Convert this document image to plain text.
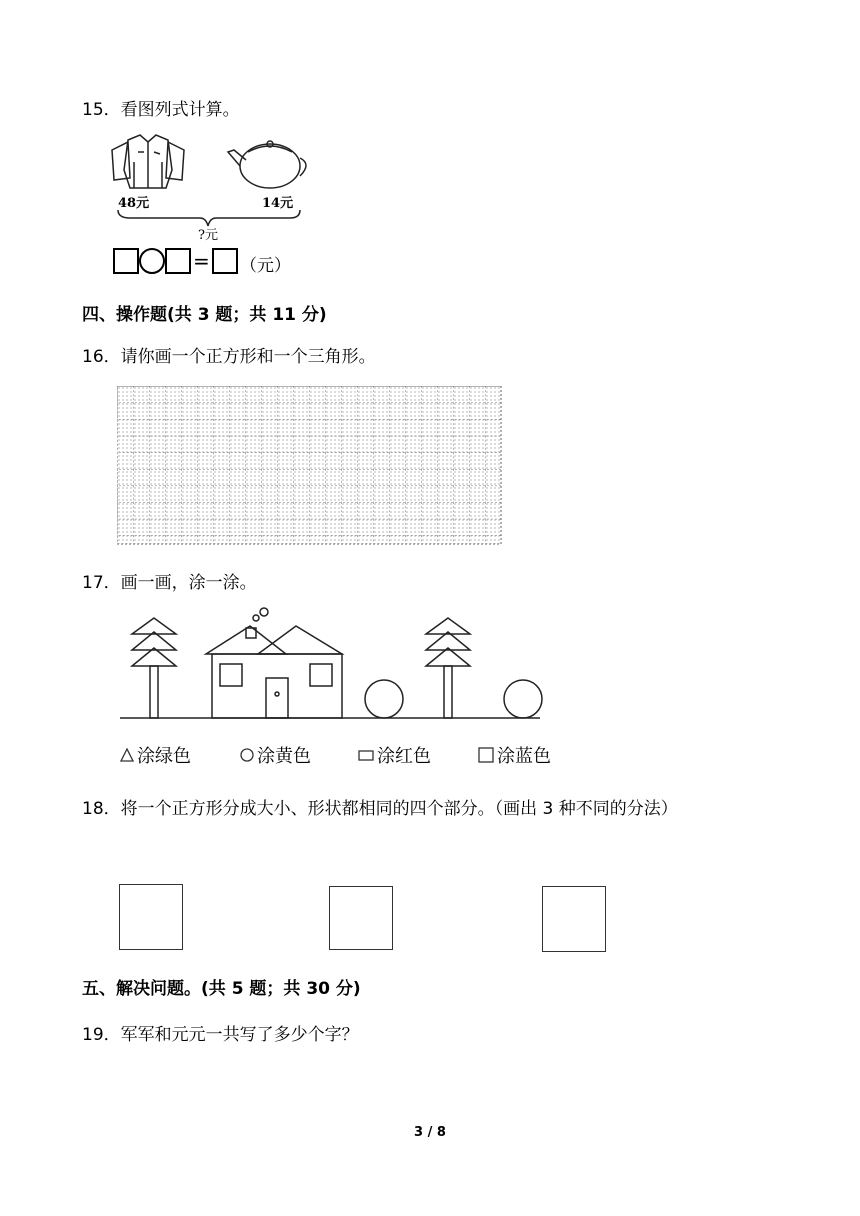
15．看图列式计算。
48元	14元
?元
= （元）
四、操作题(共 3 题；共 11 分)
16．请你画一个正方形和一个三角形。
17．画一画，涂一涂。
涂绿色	涂黄色	涂红色	涂蓝色
18．将一个正方形分成大小、形状都相同的四个部分。（画出 3 种不同的分法）
五、解决问题。(共 5 题；共 30 分)
19．军军和元元一共写了多少个字？
3 / 8
